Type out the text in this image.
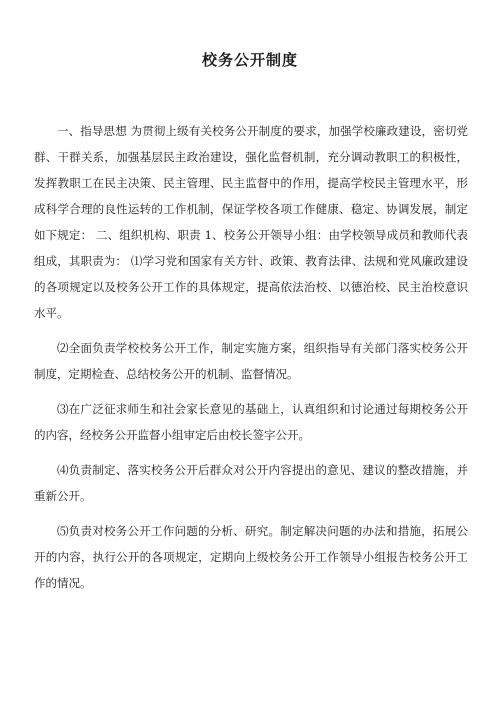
校务公开制度

一、指导思想 为贯彻上级有关校务公开制度的要求，加强学校廉政建设，密切党群、干群关系，加强基层民主政治建设，强化监督机制，充分调动教职工的积极性，发挥教职工在民主决策、民主管理、民主监督中的作用，提高学校民主管理水平，形成科学合理的良性运转的工作机制，保证学校各项工作健康、稳定、协调发展，制定如下规定： 二、组织机构、职责 1、校务公开领导小组：由学校领导成员和教师代表组成，其职责为： ⑴学习党和国家有关方针、政策、教育法律、法规和党风廉政建设的各项规定以及校务公开工作的具体规定，提高依法治校、以德治校、民主治校意识水平。

⑵全面负责学校校务公开工作，制定实施方案，组织指导有关部门落实校务公开制度，定期检查、总结校务公开的机制、监督情况。

⑶在广泛征求师生和社会家长意见的基础上，认真组织和讨论通过每期校务公开的内容，经校务公开监督小组审定后由校长签字公开。

⑷负责制定、落实校务公开后群众对公开内容提出的意见、建议的整改措施，并重新公开。

⑸负责对校务公开工作问题的分析、研究。制定解决问题的办法和措施，拓展公开的内容，执行公开的各项规定，定期向上级校务公开工作领导小组报告校务公开工作的情况。
